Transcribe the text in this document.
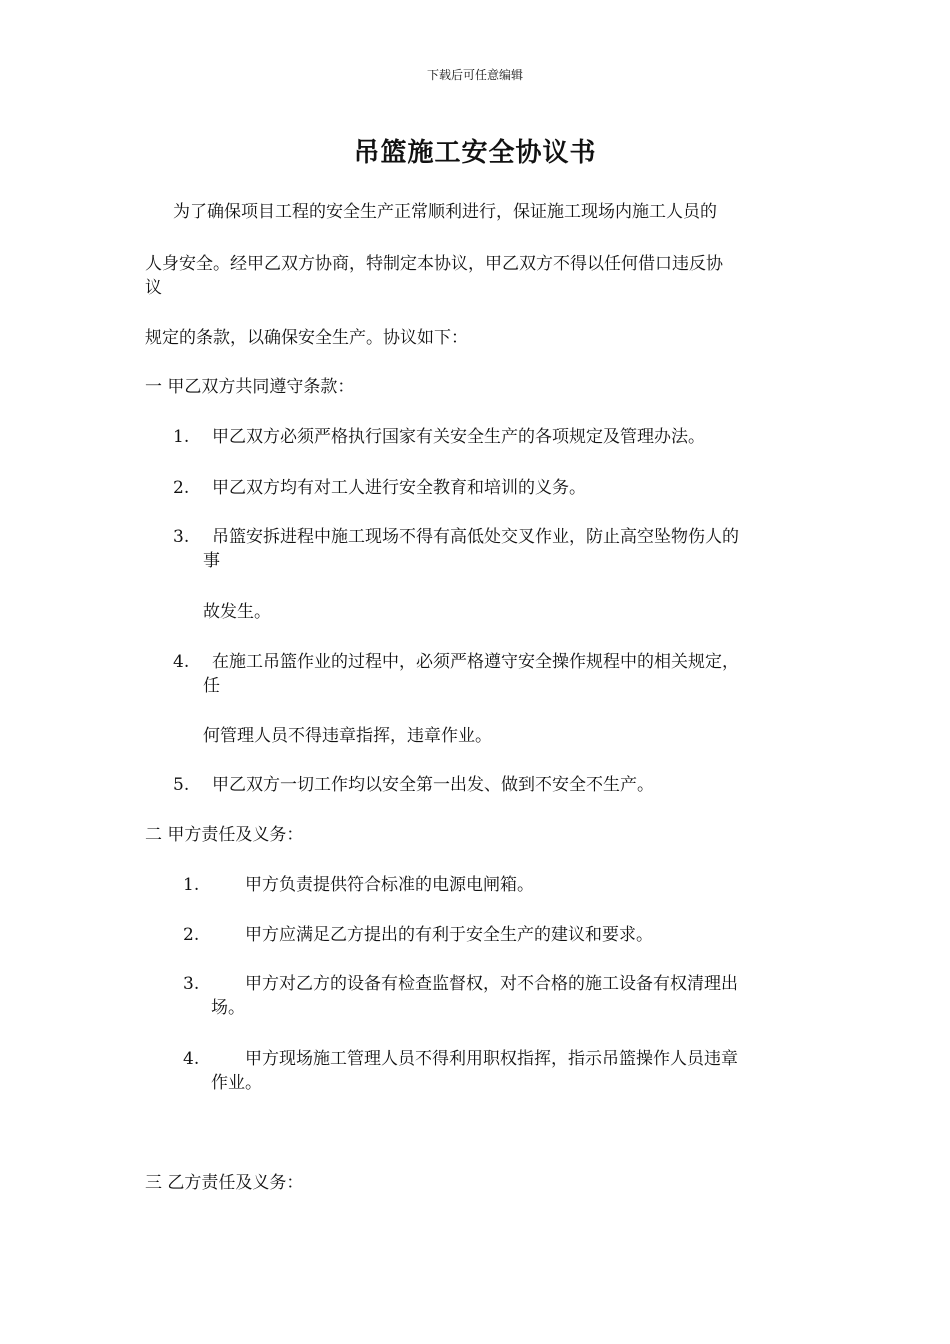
下载后可任意编辑
吊篮施工安全协议书
为了确保项目工程的安全生产正常顺利进行，保证施工现场内施工人员的
人身安全。经甲乙双方协商，特制定本协议，甲乙双方不得以任何借口违反协
议
规定的条款，以确保安全生产。协议如下：
一 甲乙双方共同遵守条款：
1. 甲乙双方必须严格执行国家有关安全生产的各项规定及管理办法。
2. 甲乙双方均有对工人进行安全教育和培训的义务。
3. 吊篮安拆进程中施工现场不得有高低处交叉作业，防止高空坠物伤人的
事
故发生。
4. 在施工吊篮作业的过程中，必须严格遵守安全操作规程中的相关规定，
任
何管理人员不得违章指挥，违章作业。
5. 甲乙双方一切工作均以安全第一出发、做到不安全不生产。
二 甲方责任及义务：
1.	甲方负责提供符合标准的电源电闸箱。
2.	甲方应满足乙方提出的有利于安全生产的建议和要求。
3.	甲方对乙方的设备有检查监督权，对不合格的施工设备有权清理出
场。
4.	甲方现场施工管理人员不得利用职权指挥，指示吊篮操作人员违章
作业。
三 乙方责任及义务：
